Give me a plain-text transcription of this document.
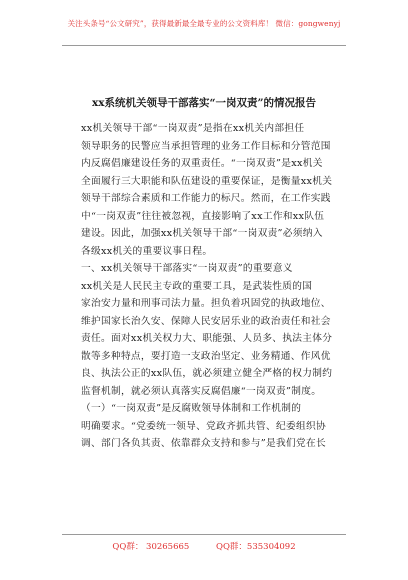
关注头条号“公文研究”，获得最新最全最专业的公文资料库！ 微信：gongwenyj
xx系统机关领导干部落实“一岗双责”的情况报告

xx机关领导干部“一岗双责”是指在xx机关内部担任
领导职务的民警应当承担管理的业务工作目标和分管范围
内反腐倡廉建设任务的双重责任。“一岗双责”是xx机关
全面履行三大职能和队伍建设的重要保证，是衡量xx机关
领导干部综合素质和工作能力的标尺。然而，在工作实践
中“一岗双责”往往被忽视，直接影响了xx工作和xx队伍
建设。因此，加强xx机关领导干部“一岗双责”必须纳入
各级xx机关的重要议事日程。

一、xx机关领导干部落实“一岗双责”的重要意义

xx机关是人民民主专政的重要工具，是武装性质的国
家治安力量和刑事司法力量。担负着巩固党的执政地位、
维护国家长治久安、保障人民安居乐业的政治责任和社会
责任。面对xx机关权力大、职能强、人员多、执法主体分
散等多种特点，要打造一支政治坚定、业务精通、作风优
良、执法公正的xx队伍，就必须建立健全严格的权力制约
监督机制，就必须认真落实反腐倡廉“一岗双责”制度。

（一）“一岗双责”是反腐败领导体制和工作机制的
明确要求。“党委统一领导、党政齐抓共管、纪委组织协
调、部门各负其责、依靠群众支持和参与”是我们党在长

QQ群： 30265665	QQ群：535304092
